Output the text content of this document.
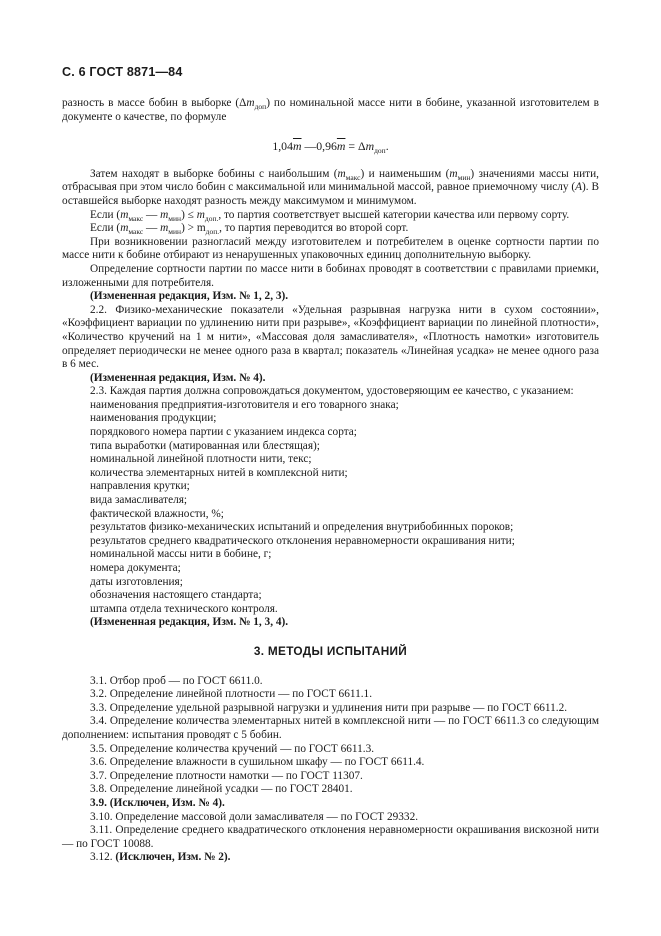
С. 6 ГОСТ 8871—84

разность в массе бобин в выборке $(\Delta m_{доп})$ по номинальной массе нити в бобине, указанной изготовителем в документе о качестве, по формуле

$1,04\overline{m}$ $—0,96\overline{m} = \Delta m_{доп}$.

Затем находят в выборке бобины с наибольшим $(m_{макс})$ и наименьшим $(m_{мин})$ значениями массы нити, отбрасывая при этом число бобин с максимальной или минимальной массой, равное приемочному числу (A). В оставшейся выборке находят разность между максимумом и минимумом.

Если ($m_{макс}$ — $m_{мин}) \le m_{доп.}$, то партия соответствует высшей категории качества или первому сорту.

Если ($m_{макс}$ — $m_{мин}) > m_{доп.}$, то партия переводится во второй сорт.

При возникновении разногласий между изготовителем и потребителем в оценке сортности партии по массе нити к бобине отбирают из ненарушенных упаковочных единиц дополнительную выборку.

Определение сортности партии по массе нити в бобинах проводят в соответствии с правилами приемки, изложенными для потребителя.

(Измененная редакция, Изм. № 1, 2, 3).

2.2. Физико-механические показатели «Удельная разрывная нагрузка нити в сухом состоянии», «Коэффициент вариации по удлинению нити при разрыве», «Коэффициент вариации по линейной плотности», «Количество кручений на 1 м нити», «Массовая доля замасливателя», «Плотность намотки» изготовитель определяет периодически не менее одного раза в квартал; показатель «Линейная усадка» не менее одного раза в 6 мес.

(Измененная редакция, Изм. № 4).

2.3. Каждая партия должна сопровождаться документом, удостоверяющим ее качество, с указанием:

наименования предприятия-изготовителя и его товарного знака;

наименования продукции;

порядкового номера партии с указанием индекса сорта;

типа выработки (матированная или блестящая);

номинальной линейной плотности нити, текс;

количества элементарных нитей в комплексной нити;

направления крутки;

вида замасливателя;

фактической влажности, %;

результатов физико-механических испытаний и определения внутрибобинных пороков;

результатов среднего квадратического отклонения неравномерности окрашивания нити;

номинальной массы нити в бобине, г;

номера документа;

даты изготовления;

обозначения настоящего стандарта;

штампа отдела технического контроля.

(Измененная редакция, Изм. № 1, 3, 4).

3. МЕТОДЫ ИСПЫТАНИЙ

3.1. Отбор проб — по ГОСТ 6611.0.

3.2. Определение линейной плотности — по ГОСТ 6611.1.

3.3. Определение удельной разрывной нагрузки и удлинения нити при разрыве — по ГОСТ 6611.2.

3.4. Определение количества элементарных нитей в комплексной нити — по ГОСТ 6611.3 со следующим дополнением: испытания проводят с 5 бобин.

3.5. Определение количества кручений — по ГОСТ 6611.3.

3.6. Определение влажности в сушильном шкафу — по ГОСТ 6611.4.

3.7. Определение плотности намотки — по ГОСТ 11307.

3.8. Определение линейной усадки — по ГОСТ 28401.

3.9. (Исключен, Изм. № 4).

3.10. Определение массовой доли замасливателя — по ГОСТ 29332.

3.11. Определение среднего квадратического отклонения неравномерности окрашивания вискозной нити — по ГОСТ 10088.

3.12. (Исключен, Изм. № 2).
